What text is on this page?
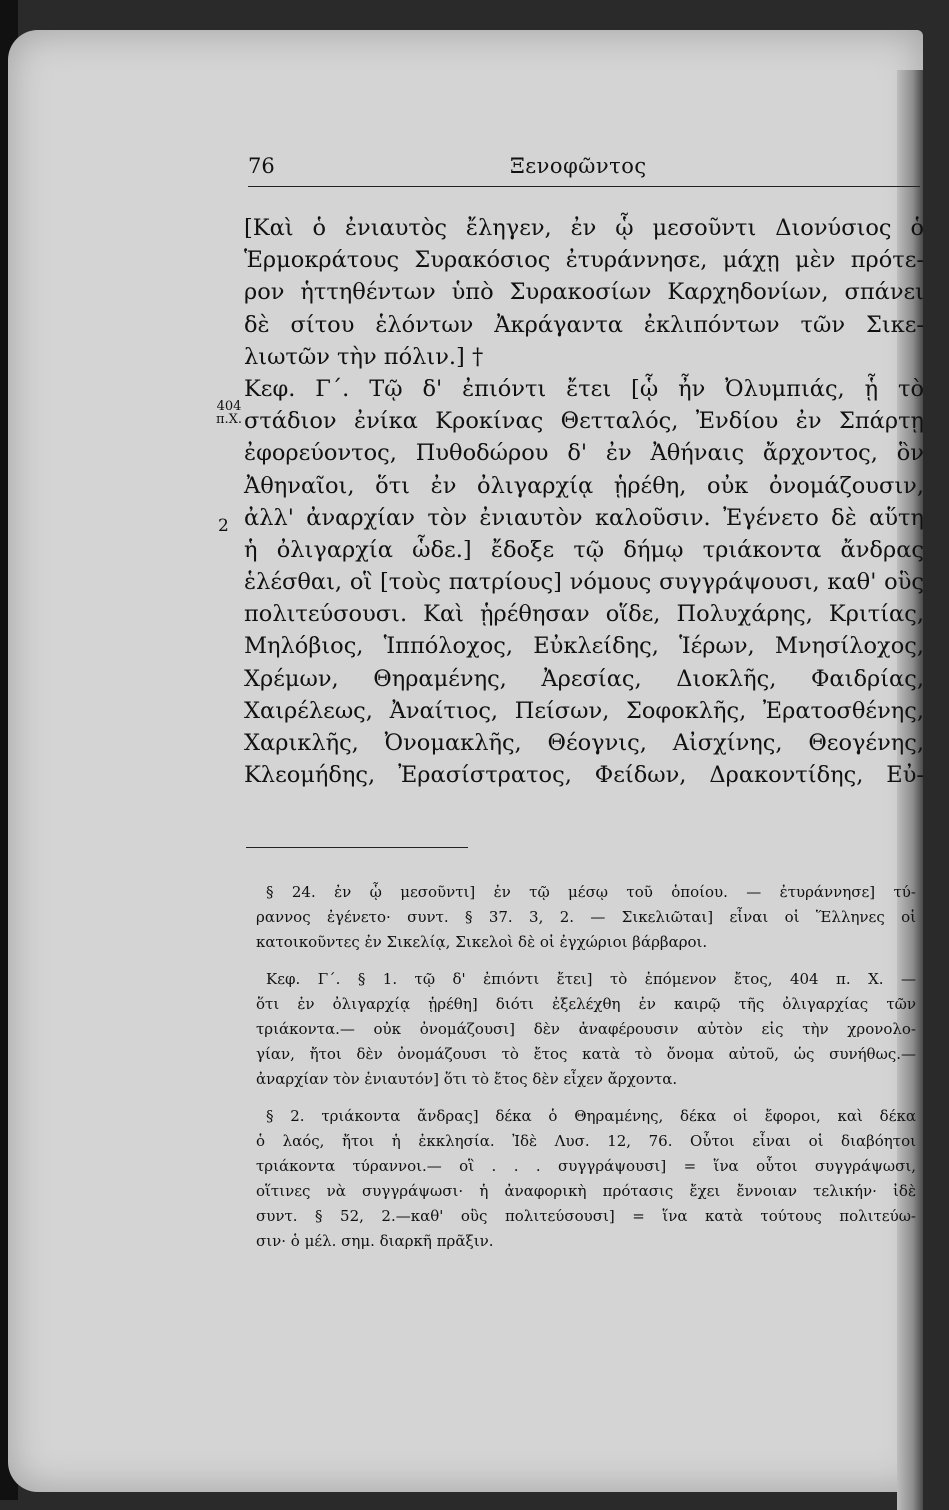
76	Ξενοφῶντος
404
π.Χ.
2
[Καὶ ὁ ἐνιαυτὸς ἔληγεν, ἐν ᾧ μεσοῦντι Διονύσιος ὁ
Ἑρμοκράτους Συρακόσιος ἐτυράννησε, μάχῃ μὲν πρότε-
ρον ἡττηθέντων ὑπὸ Συρακοσίων Καρχηδονίων, σπάνει
δὲ σίτου ἑλόντων Ἀκράγαντα ἐκλιπόντων τῶν Σικε-
λιωτῶν τὴν πόλιν.] †
Κεφ. Γ΄. Τῷ δ' ἐπιόντι ἔτει [ᾧ ἦν Ὀλυμπιάς, ᾗ τὸ
στάδιον ἐνίκα Κροκίνας Θετταλός, Ἐνδίου ἐν Σπάρτῃ
ἐφορεύοντος, Πυθοδώρου δ' ἐν Ἀθήναις ἄρχοντος, ὃν
Ἀθηναῖοι, ὅτι ἐν ὀλιγαρχίᾳ ᾑρέθη, οὐκ ὀνομάζουσιν,
ἀλλ' ἀναρχίαν τὸν ἐνιαυτὸν καλοῦσιν. Ἐγένετο δὲ αὕτη
ἡ ὀλιγαρχία ὧδε.] ἔδοξε τῷ δήμῳ τριάκοντα ἄνδρας
ἑλέσθαι, οἳ [τοὺς πατρίους] νόμους συγγράψουσι, καθ' οὓς
πολιτεύσουσι. Καὶ ᾑρέθησαν οἵδε, Πολυχάρης, Κριτίας,
Μηλόβιος, Ἱππόλοχος, Εὐκλείδης, Ἱέρων, Μνησίλοχος,
Χρέμων, Θηραμένης, Ἀρεσίας, Διοκλῆς, Φαιδρίας,
Χαιρέλεως, Ἀναίτιος, Πείσων, Σοφοκλῆς, Ἐρατοσθένης,
Χαρικλῆς, Ὀνομακλῆς, Θέογνις, Αἰσχίνης, Θεογένης,
Κλεομήδης, Ἐρασίστρατος, Φείδων, Δρακοντίδης, Εὐ-
§ 24. ἐν ᾧ μεσοῦντι] ἐν τῷ μέσῳ τοῦ ὁποίου. — ἐτυράννησε] τύ-
ραννος ἐγένετο· συντ. § 37. 3, 2. — Σικελιῶται] εἶναι οἱ Ἕλληνες οἱ
κατοικοῦντες ἐν Σικελίᾳ, Σικελοὶ δὲ οἱ ἐγχώριοι βάρβαροι.
Κεφ. Γ΄. § 1. τῷ δ' ἐπιόντι ἔτει] τὸ ἑπόμενον ἔτος, 404 π. Χ. —
ὅτι ἐν ὀλιγαρχίᾳ ᾑρέθη] διότι ἐξελέχθη ἐν καιρῷ τῆς ὀλιγαρχίας τῶν
τριάκοντα.— οὐκ ὀνομάζουσι] δὲν ἀναφέρουσιν αὐτὸν εἰς τὴν χρονολο-
γίαν, ἤτοι δὲν ὀνομάζουσι τὸ ἔτος κατὰ τὸ ὄνομα αὐτοῦ, ὡς συνήθως.—
ἀναρχίαν τὸν ἐνιαυτόν] ὅτι τὸ ἔτος δὲν εἶχεν ἄρχοντα.
§ 2. τριάκοντα ἄνδρας] δέκα ὁ Θηραμένης, δέκα οἱ ἔφοροι, καὶ δέκα
ὁ λαός, ἤτοι ἡ ἐκκλησία. Ἰδὲ Λυσ. 12, 76. Οὗτοι εἶναι οἱ διαβόητοι
τριάκοντα τύραννοι.— οἳ . . . συγγράψουσι] = ἵνα οὗτοι συγγράψωσι,
οἵτινες νὰ συγγράψωσι· ἡ ἀναφορικὴ πρότασις ἔχει ἔννοιαν τελικήν· ἰδὲ
συντ. § 52, 2.—καθ' οὓς πολιτεύσουσι] = ἵνα κατὰ τούτους πολιτεύω-
σιν· ὁ μέλ. σημ. διαρκῆ πρᾶξιν.
